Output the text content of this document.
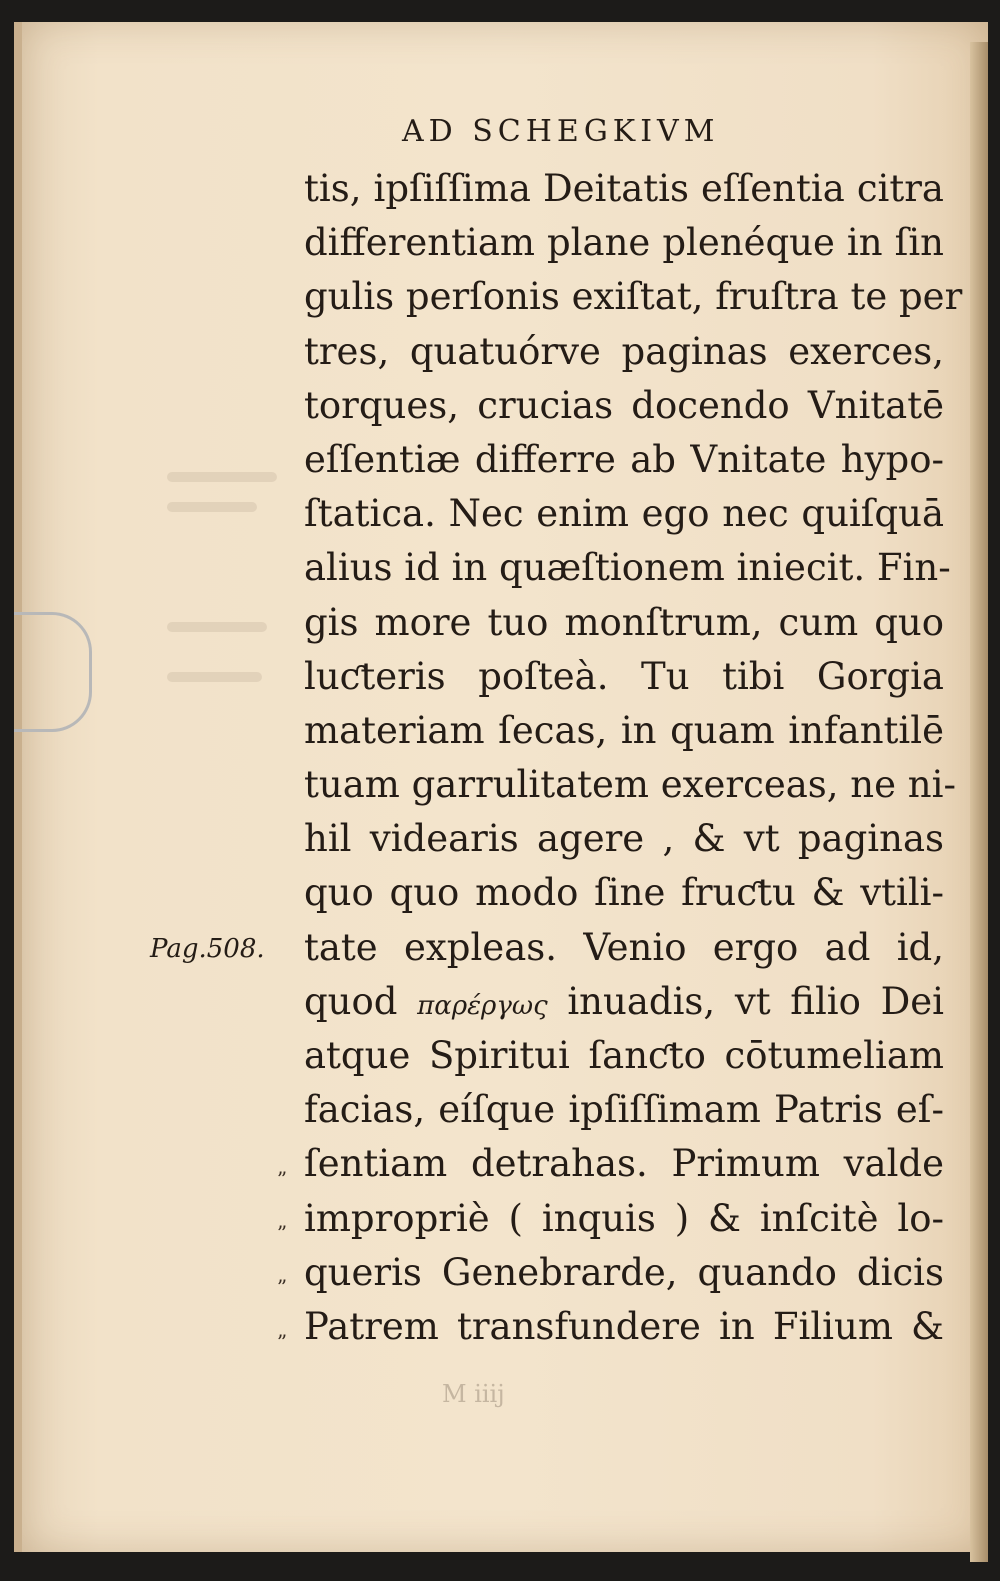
AD SCHEGKIVM
tis, ipſiſſima Deitatis eſſentia citra
differentiam plane plenéque in ſin
gulis perſonis exiſtat, fruſtra te per
tres, quatuórve paginas exerces,
torques, crucias docendo Vnitatē
eſſentiæ differre ab Vnitate hypo-
ſtatica. Nec enim ego nec quiſquā
alius id in quæſtionem iniecit. Fin-
gis more tuo monſtrum, cum quo
luƈteris poſteà. Tu tibi Gorgia
materiam ſecas, in quam infantilē
tuam garrulitatem exerceas, ne ni-
hil videaris agere , & vt paginas
quo quo modo ſine fruƈtu & vtili-
tate expleas. Venio ergo ad id,
quod παρέργως inuadis, vt filio Dei
atque Spiritui ſanƈto cōtumeliam
facias, eíſque ipſiſſimam Patris eſ-
ſentiam detrahas. Primum valde
impropriè ( inquis ) & inſcitè lo-
queris Genebrarde, quando dicis
Patrem transfundere in Filium &
Pag.508.
”
”
”
”
M iiij
